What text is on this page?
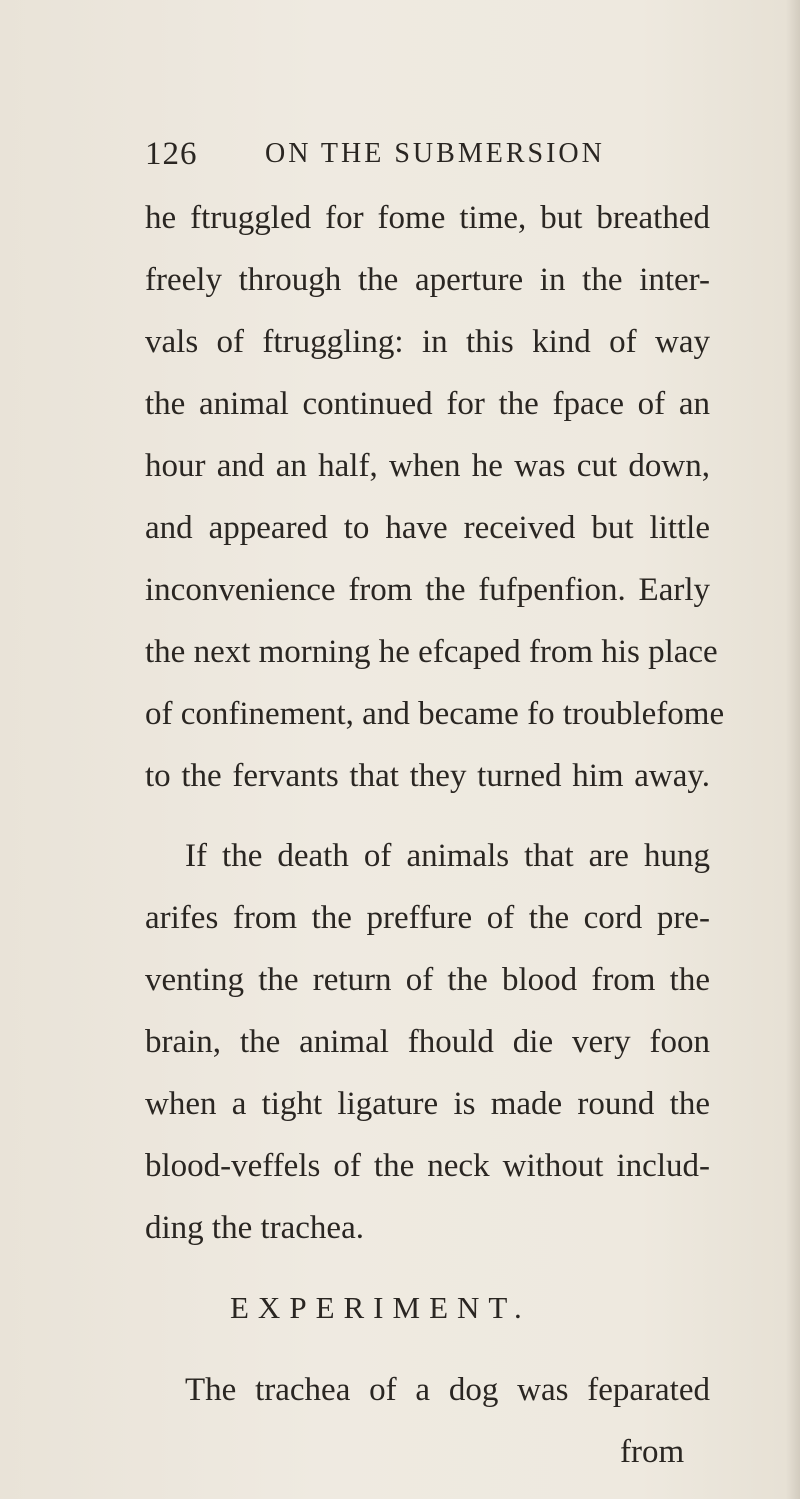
126 ON THE SUBMERSION
he ftruggled for fome time, but breathed
freely through the aperture in the inter-
vals of ftruggling: in this kind of way
the animal continued for the fpace of an
hour and an half, when he was cut down,
and appeared to have received but little
inconvenience from the fufpenfion. Early
the next morning he efcaped from his place
of confinement, and became fo troublefome
to the fervants that they turned him away.
If the death of animals that are hung
arifes from the preffure of the cord pre-
venting the return of the blood from the
brain, the animal fhould die very foon
when a tight ligature is made round the
blood-veffels of the neck without includ-
ding the trachea.
EXPERIMENT.
The trachea of a dog was feparated
from
